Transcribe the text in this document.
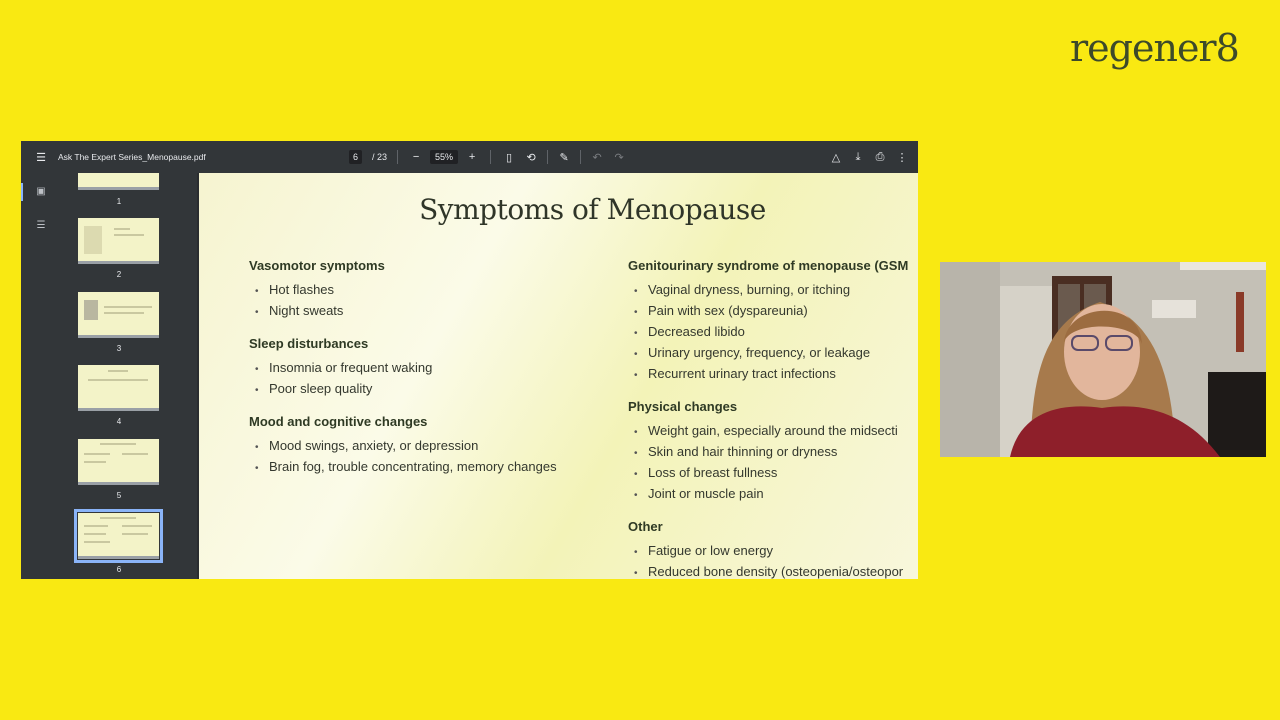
regener8
☰	Ask The Expert Series_Menopause.pdf	6	/ 23	−	55%	+	▯	⟲	✎	↶	↷	△	⤓	⎙	⋮
▣
☰
1
2
3
4
5
6
Symptoms of Menopause
Vasomotor symptoms
• Hot flashes
• Night sweats
Sleep disturbances
• Insomnia or frequent waking
• Poor sleep quality
Mood and cognitive changes
• Mood swings, anxiety, or depression
• Brain fog, trouble concentrating, memory changes
Genitourinary syndrome of menopause (GSM
• Vaginal dryness, burning, or itching
• Pain with sex (dyspareunia)
• Decreased libido
• Urinary urgency, frequency, or leakage
• Recurrent urinary tract infections
Physical changes
• Weight gain, especially around the midsecti
• Skin and hair thinning or dryness
• Loss of breast fullness
• Joint or muscle pain
Other
• Fatigue or low energy
• Reduced bone density (osteopenia/osteopor
